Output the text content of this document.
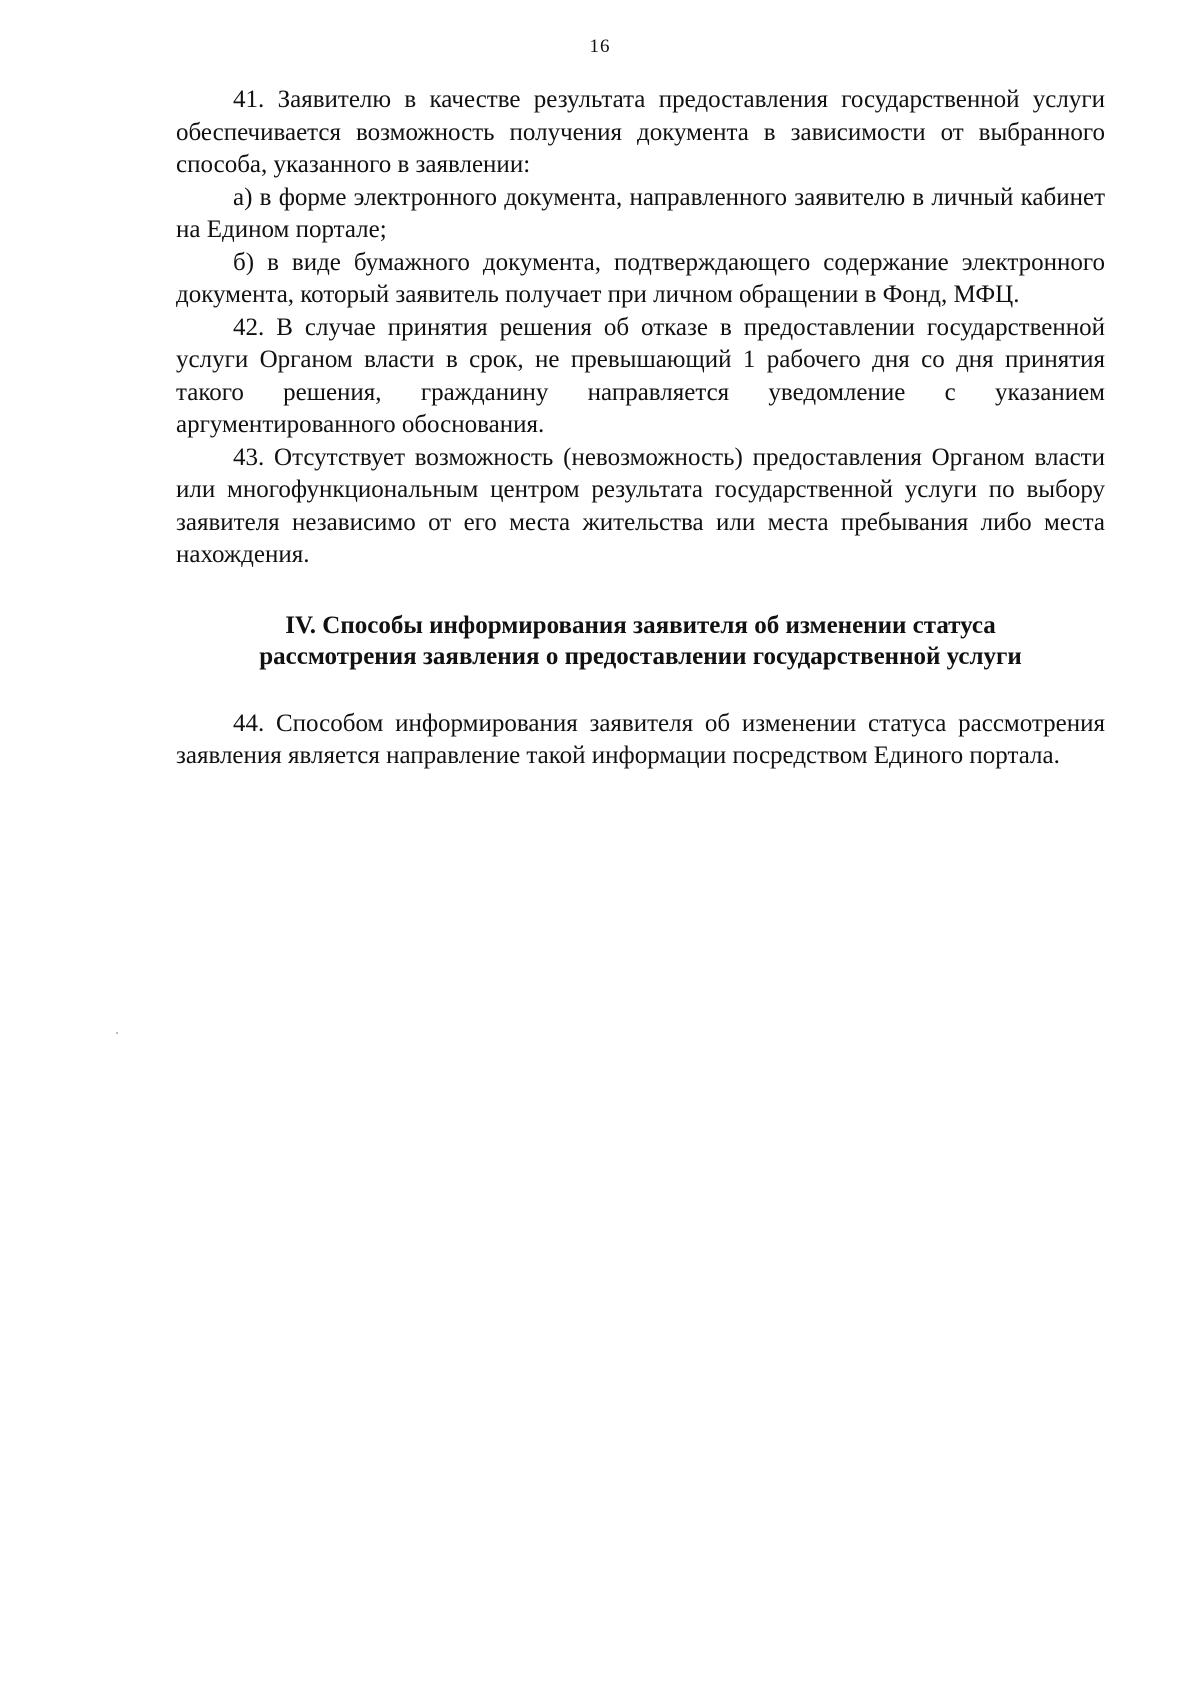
16

41. Заявителю в качестве результата предоставления государственной услуги обеспечивается возможность получения документа в зависимости от выбранного способа, указанного в заявлении:

а) в форме электронного документа, направленного заявителю в личный кабинет на Едином портале;

б) в виде бумажного документа, подтверждающего содержание электронного документа, который заявитель получает при личном обращении в Фонд, МФЦ.

42. В случае принятия решения об отказе в предоставлении государственной услуги Органом власти в срок, не превышающий 1 рабочего дня со дня принятия такого решения, гражданину направляется уведомление с указанием аргументированного обоснования.

43. Отсутствует возможность (невозможность) предоставления Органом власти или многофункциональным центром результата государственной услуги по выбору заявителя независимо от его места жительства или места пребывания либо места нахождения.

IV. Способы информирования заявителя об изменении статуса рассмотрения заявления о предоставлении государственной услуги

44. Способом информирования заявителя об изменении статуса рассмотрения заявления является направление такой информации посредством Единого портала.
